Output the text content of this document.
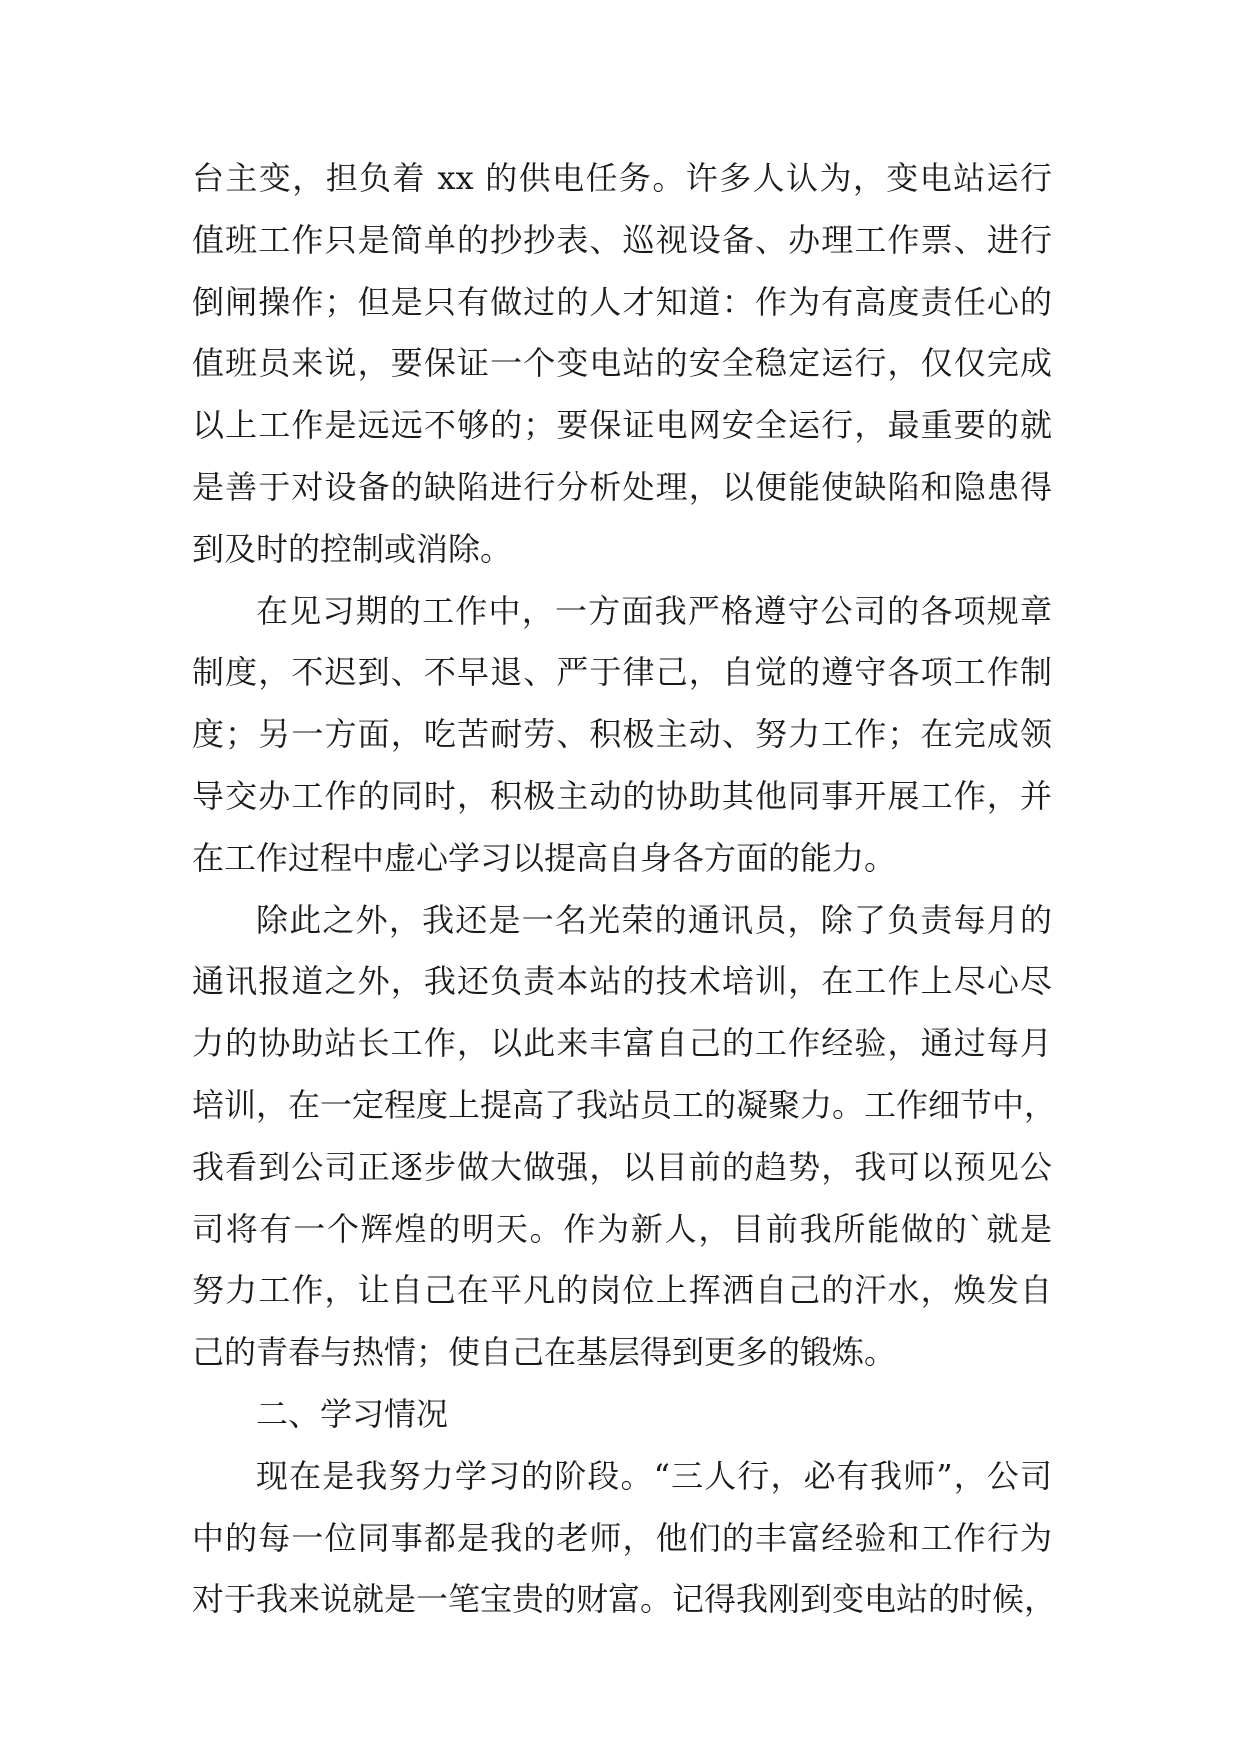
台主变，担负着 xx 的供电任务。许多人认为，变电站运行
值班工作只是简单的抄抄表、巡视设备、办理工作票、进行
倒闸操作；但是只有做过的人才知道：作为有高度责任心的
值班员来说，要保证一个变电站的安全稳定运行，仅仅完成
以上工作是远远不够的；要保证电网安全运行，最重要的就
是善于对设备的缺陷进行分析处理，以便能使缺陷和隐患得
到及时的控制或消除。
在见习期的工作中，一方面我严格遵守公司的各项规章
制度，不迟到、不早退、严于律己，自觉的遵守各项工作制
度；另一方面，吃苦耐劳、积极主动、努力工作；在完成领
导交办工作的同时，积极主动的协助其他同事开展工作，并
在工作过程中虚心学习以提高自身各方面的能力。
除此之外，我还是一名光荣的通讯员，除了负责每月的
通讯报道之外，我还负责本站的技术培训，在工作上尽心尽
力的协助站长工作，以此来丰富自己的工作经验，通过每月
培训，在一定程度上提高了我站员工的凝聚力。工作细节中，
我看到公司正逐步做大做强，以目前的趋势，我可以预见公
司将有一个辉煌的明天。作为新人，目前我所能做的`就是
努力工作，让自己在平凡的岗位上挥洒自己的汗水，焕发自
己的青春与热情；使自己在基层得到更多的锻炼。
二、学习情况
现在是我努力学习的阶段。“三人行，必有我师”，公司
中的每一位同事都是我的老师，他们的丰富经验和工作行为
对于我来说就是一笔宝贵的财富。记得我刚到变电站的时候，
